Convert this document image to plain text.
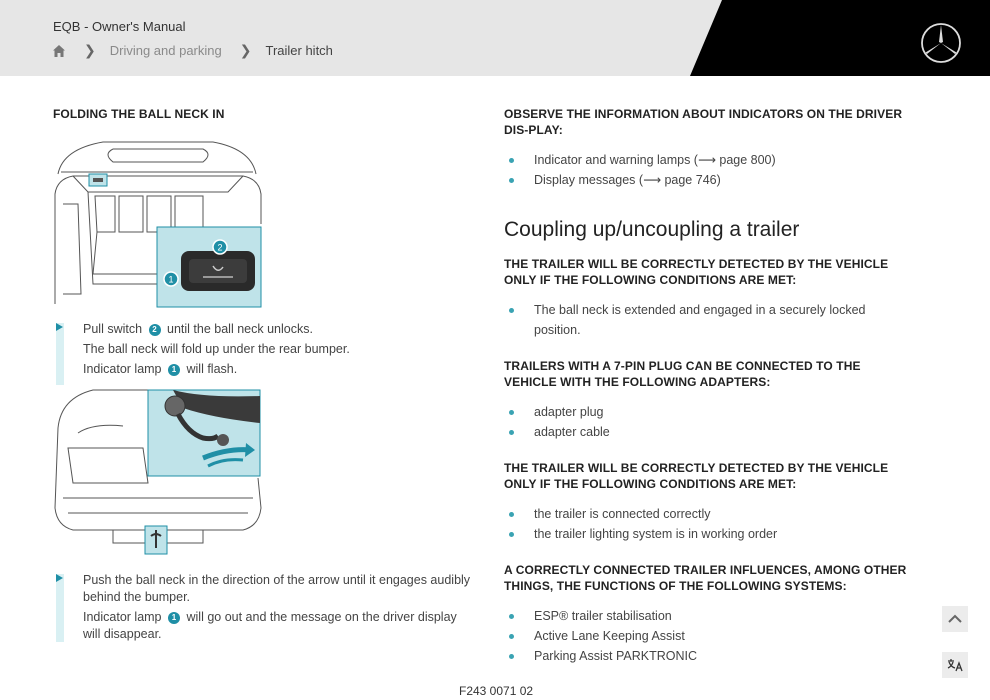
EQB - Owner's Manual
❯ Driving and parking ❯ Trailer hitch
FOLDING THE BALL NECK IN
2
1

Pull switch 2 until the ball neck unlocks.

The ball neck will fold up under the rear bumper.

Indicator lamp 1 will flash.

Push the ball neck in the direction of the arrow until it engages audibly behind the bumper.

Indicator lamp 1 will go out and the message on the driver display will disappear.

OBSERVE THE INFORMATION ABOUT INDICATORS ON THE DRIVER DIS-PLAY:
Indicator and warning lamps (⟶ page 800)
Display messages (⟶ page 746)
Coupling up/uncoupling a trailer
THE TRAILER WILL BE CORRECTLY DETECTED BY THE VEHICLE ONLY IF THE FOLLOWING CONDITIONS ARE MET:
The ball neck is extended and engaged in a securely locked position.
TRAILERS WITH A 7-PIN PLUG CAN BE CONNECTED TO THE VEHICLE WITH THE FOLLOWING ADAPTERS:
adapter plug
adapter cable
THE TRAILER WILL BE CORRECTLY DETECTED BY THE VEHICLE ONLY IF THE FOLLOWING CONDITIONS ARE MET:
the trailer is connected correctly
the trailer lighting system is in working order
A CORRECTLY CONNECTED TRAILER INFLUENCES, AMONG OTHER THINGS, THE FUNCTIONS OF THE FOLLOWING SYSTEMS:
ESP® trailer stabilisation
Active Lane Keeping Assist
Parking Assist PARKTRONIC
F243 0071 02
